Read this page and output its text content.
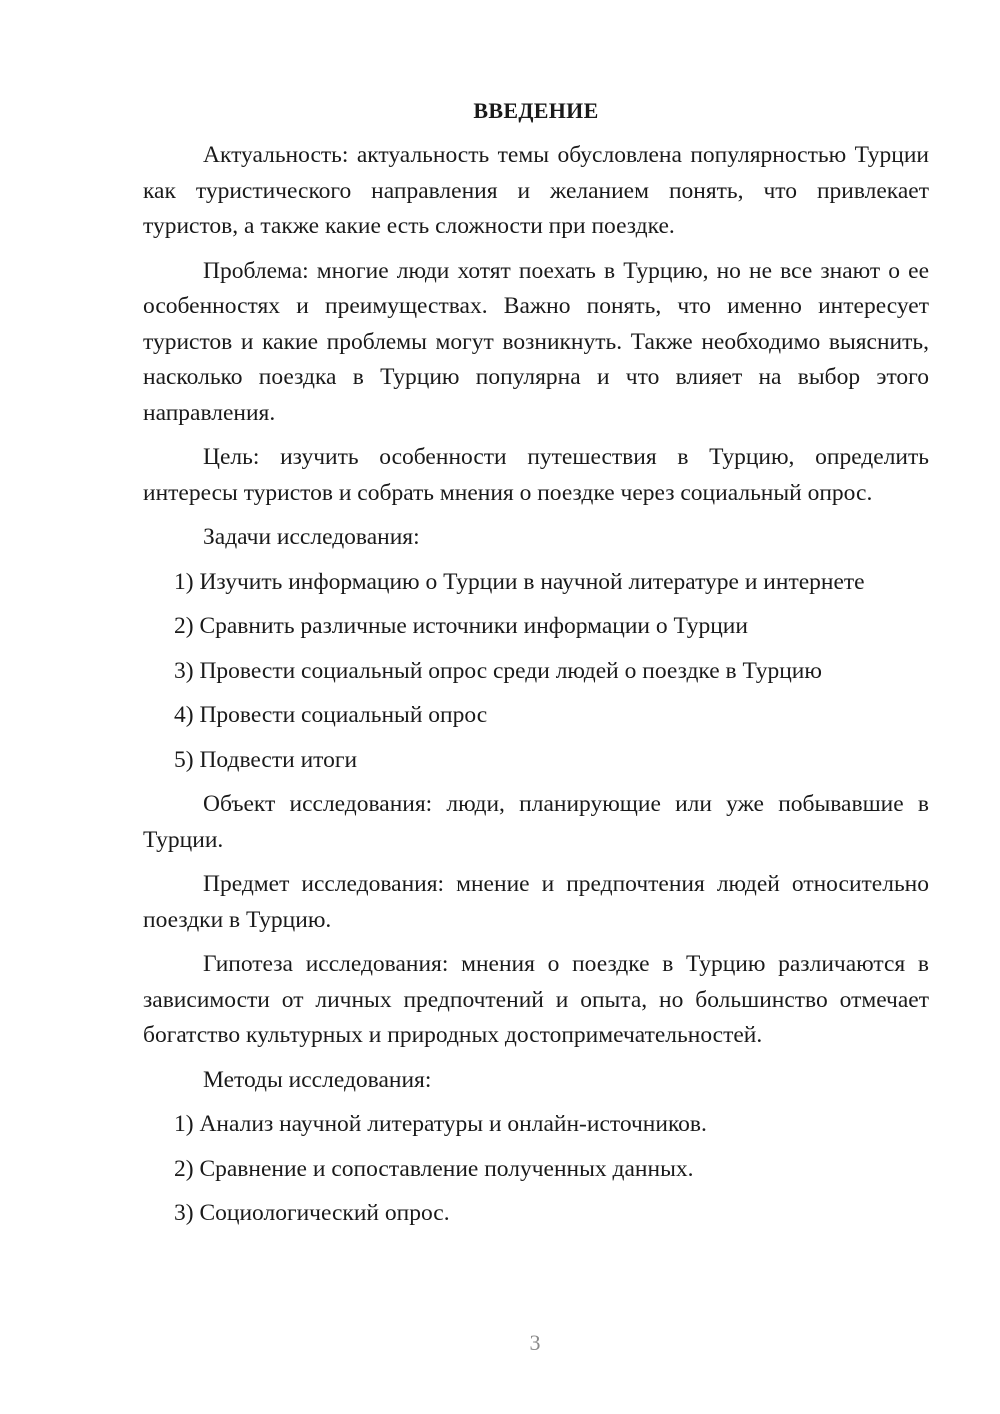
ВВЕДЕНИЕ

Актуальность: актуальность темы обусловлена популярностью Турции как туристического направления и желанием понять, что привлекает туристов, а также какие есть сложности при поездке.

Проблема: многие люди хотят поехать в Турцию, но не все знают о ее особенностях и преимуществах. Важно понять, что именно интересует туристов и какие проблемы могут возникнуть. Также необходимо выяснить, насколько поездка в Турцию популярна и что влияет на выбор этого направления.

Цель: изучить особенности путешествия в Турцию, определить интересы туристов и собрать мнения о поездке через социальный опрос.

Задачи исследования:

1) Изучить информацию о Турции в научной литературе и интернете
2) Сравнить различные источники информации о Турции
3) Провести социальный опрос среди людей о поездке в Турцию
4) Провести социальный опрос
5) Подвести итоги

Объект исследования: люди, планирующие или уже побывавшие в Турции.

Предмет исследования: мнение и предпочтения людей относительно поездки в Турцию.

Гипотеза исследования: мнения о поездке в Турцию различаются в зависимости от личных предпочтений и опыта, но большинство отмечает богатство культурных и природных достопримечательностей.

Методы исследования:

1) Анализ научной литературы и онлайн-источников.
2) Сравнение и сопоставление полученных данных.
3) Социологический опрос.
3
